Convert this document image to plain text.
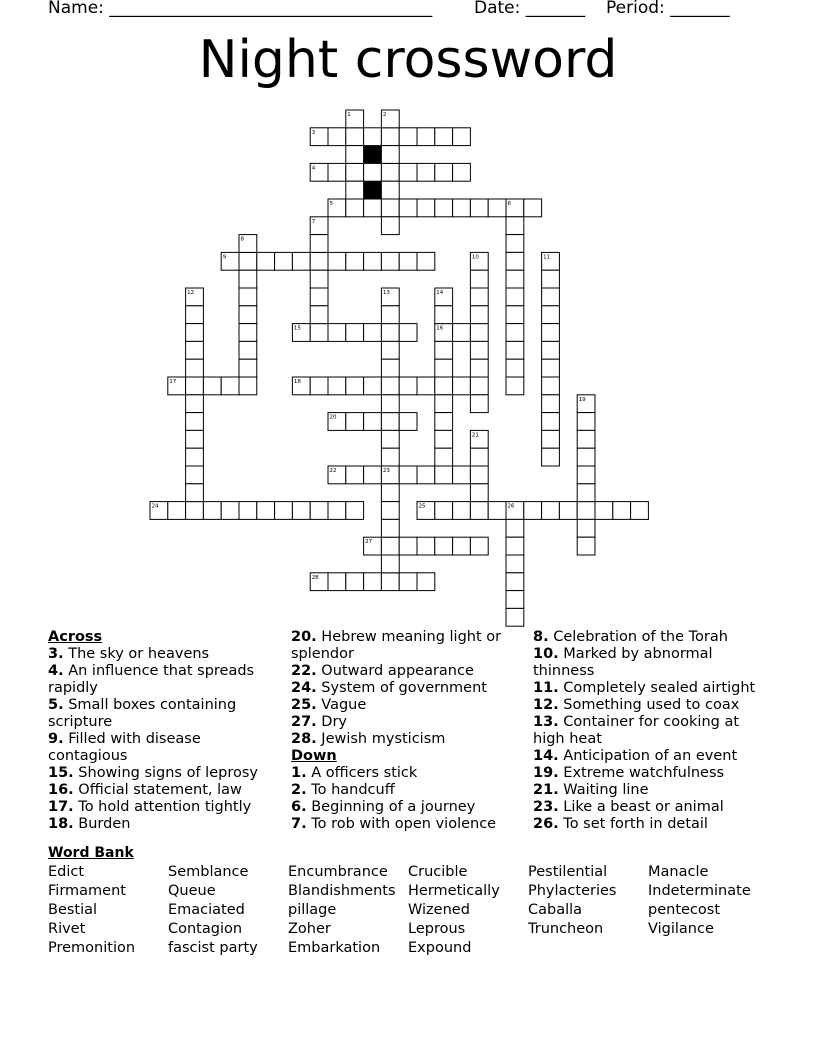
Name: ______________________________________ Date: _______ Period: _______
Night crossword
3
4
5	6
9
15	16
17	18
20
22	23
24	25	26
27
28
1	2
7
8
10	11
12	13	14
19
21
Across
3. The sky or heavens
4. An influence that spreads rapidly
5. Small boxes containing scripture
9. Filled with disease contagious
15. Showing signs of leprosy
16. Official statement, law
17. To hold attention tightly
18. Burden
20. Hebrew meaning light or splendor
22. Outward appearance
24. System of government
25. Vague
27. Dry
28. Jewish mysticism
Down
1. A officers stick
2. To handcuff
6. Beginning of a journey
7. To rob with open violence
8. Celebration of the Torah
10. Marked by abnormal thinness
11. Completely sealed airtight
12. Something used to coax
13. Container for cooking at high heat
14. Anticipation of an event
19. Extreme watchfulness
21. Waiting line
23. Like a beast or animal
26. To set forth in detail
Word Bank
Edict	Semblance	Encumbrance	Crucible	Pestilential	Manacle
Firmament	Queue	Blandishments Hermetically	Phylacteries	Indeterminate
Bestial	Emaciated	pillage	Wizened	Caballa	pentecost
Rivet	Contagion	Zoher	Leprous	Truncheon	Vigilance
Premonition	fascist party	Embarkation	Expound
